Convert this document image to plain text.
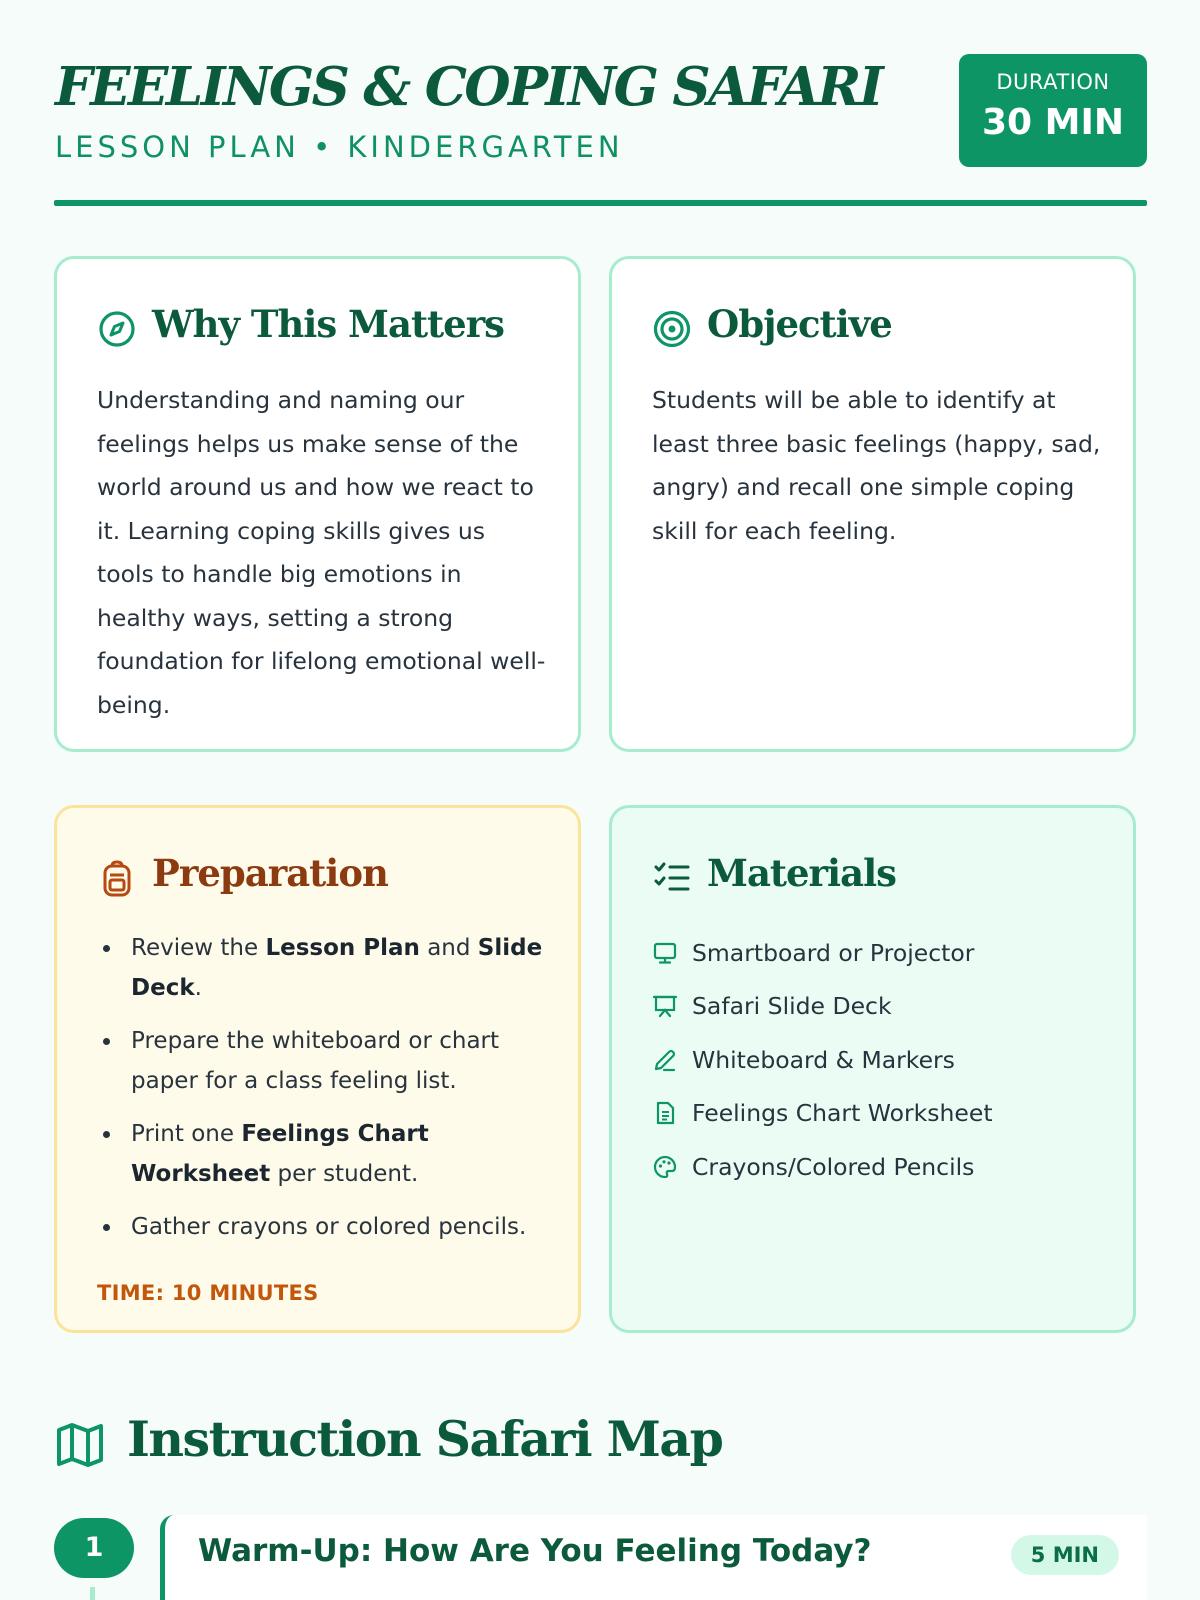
FEELINGS & COPING SAFARI
LESSON PLAN • KINDERGARTEN
DURATION
30 MIN
Why This Matters

Understanding and naming our feelings helps us make sense of the world around us and how we react to it. Learning coping skills gives us tools to handle big emotions in healthy ways, setting a strong foundation for lifelong emotional well-being.

Objective

Students will be able to identify at least three basic feelings (happy, sad, angry) and recall one simple coping skill for each feeling.

Preparation
Review the Lesson Plan and Slide Deck.
Prepare the whiteboard or chart paper for a class feeling list.
Print one Feelings Chart Worksheet per student.
Gather crayons or colored pencils.
TIME: 10 MINUTES
Materials
Smartboard or Projector
Safari Slide Deck
Whiteboard & Markers
Feelings Chart Worksheet
Crayons/Colored Pencils
Instruction Safari Map
1	Warm-Up: How Are You Feeling Today?	5 MIN
